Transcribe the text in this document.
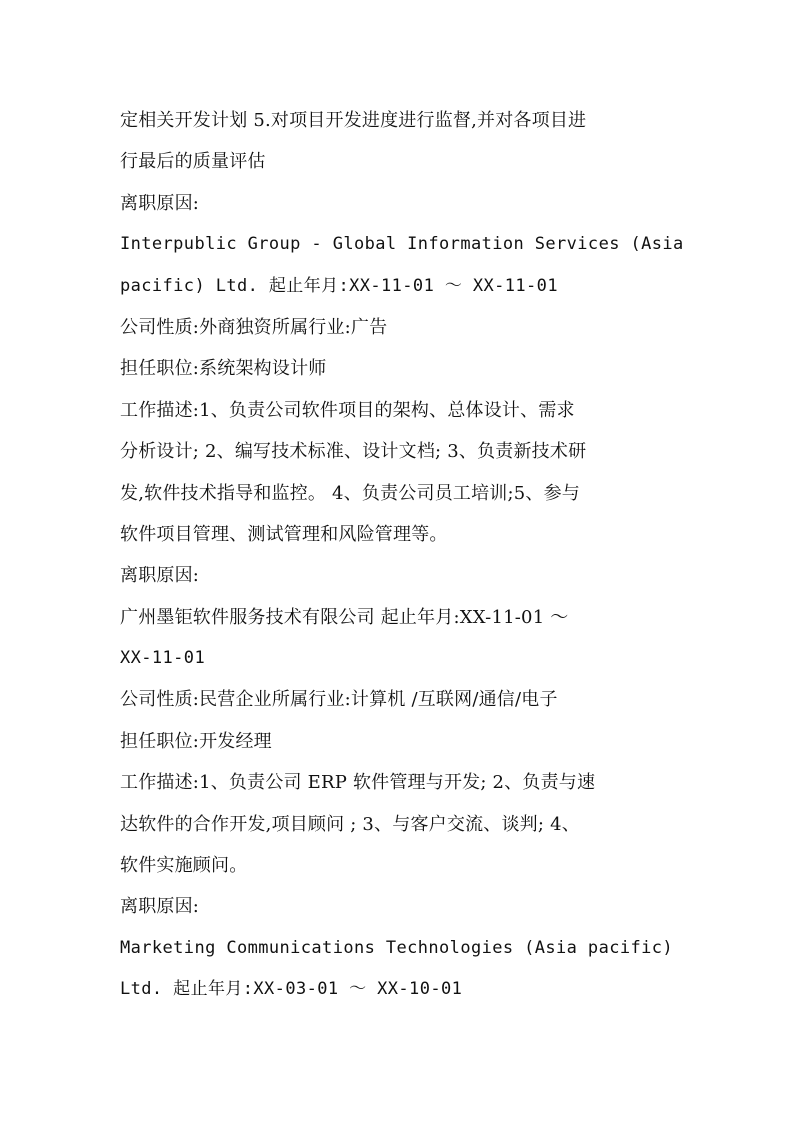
定相关开发计划 5.对项目开发进度进行监督,并对各项目进
行最后的质量评估
离职原因:
Interpublic Group - Global Information Services (Asia
pacific) Ltd. 起止年月:XX-11-01 ～ XX-11-01
公司性质:外商独资所属行业:广告
担任职位:系统架构设计师
工作描述:1、负责公司软件项目的架构、总体设计、需求
分析设计; 2、编写技术标准、设计文档; 3、负责新技术研
发,软件技术指导和监控。 4、负责公司员工培训;5、参与
软件项目管理、测试管理和风险管理等。
离职原因:
广州墨钜软件服务技术有限公司 起止年月:XX-11-01 ～
XX-11-01
公司性质:民营企业所属行业:计算机 /互联网/通信/电子
担任职位:开发经理
工作描述:1、负责公司 ERP 软件管理与开发; 2、负责与速
达软件的合作开发,项目顾问 ; 3、与客户交流、谈判; 4、
软件实施顾问。
离职原因:
Marketing Communications Technologies (Asia pacific)
Ltd. 起止年月:XX-03-01 ～ XX-10-01
